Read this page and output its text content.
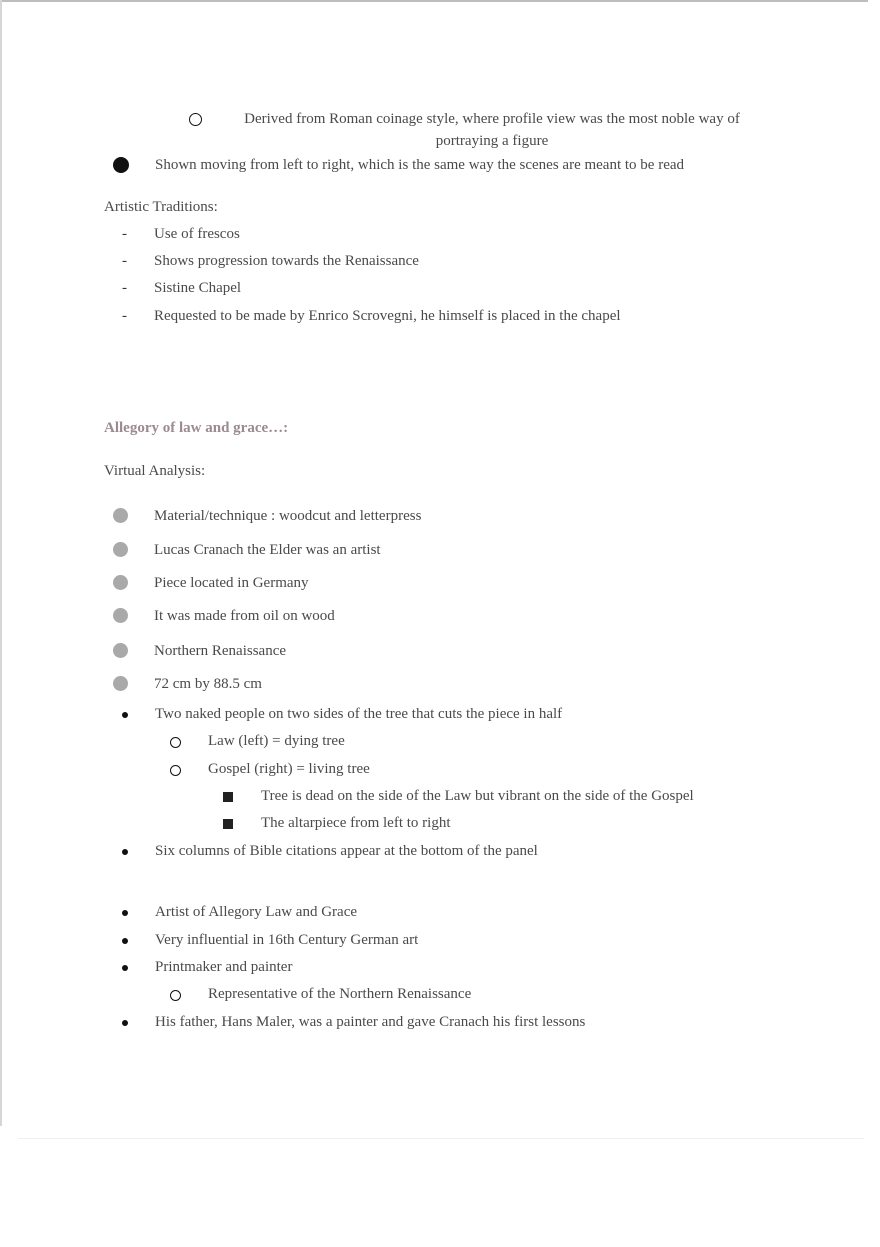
Derived from Roman coinage style, where profile view was the most noble way of
portraying a figure
Shown moving from left to right, which is the same way the scenes are meant to be read
Artistic Traditions:
- Use of frescos
- Shows progression towards the Renaissance
- Sistine Chapel
- Requested to be made by Enrico Scrovegni, he himself is placed in the chapel
Allegory of law and grace…:
Virtual Analysis:
Material/technique : woodcut and letterpress
Lucas Cranach the Elder was an artist
Piece located in Germany
It was made from oil on wood
Northern Renaissance
72 cm by 88.5 cm
Two naked people on two sides of the tree that cuts the piece in half
Law (left) = dying tree
Gospel (right) = living tree
Tree is dead on the side of the Law but vibrant on the side of the Gospel
The altarpiece from left to right
Six columns of Bible citations appear at the bottom of the panel
Artist of Allegory Law and Grace
Very influential in 16th Century German art
Printmaker and painter
Representative of the Northern Renaissance
His father, Hans Maler, was a painter and gave Cranach his first lessons
